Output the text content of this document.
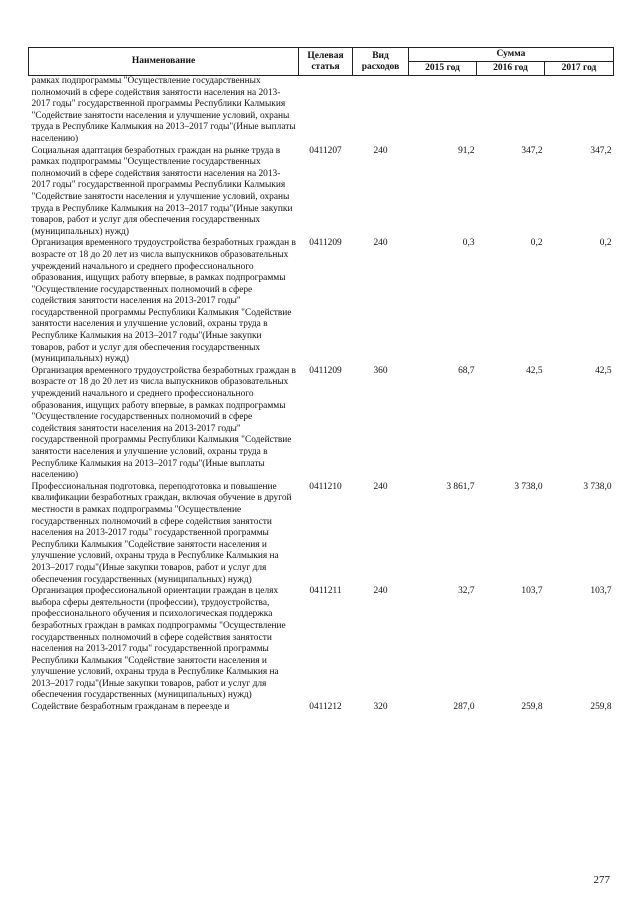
Наименование	Целевая статья	Вид расходов	Сумма		
			2015 год	2016 год	2017 год
рамках подпрограммы "Осуществление государственных полномочий в сфере содействия занятости населения на 2013-2017 годы" государственной программы Республики Калмыкия "Содействие занятости населения и улучшение условий, охраны труда в Республике Калмыкия на 2013–2017 годы"(Иные выплаты населению)					
Социальная адаптация безработных граждан на рынке труда в рамках подпрограммы "Осуществление государственных полномочий в сфере содействия занятости населения на 2013-2017 годы" государственной программы Республики Калмыкия "Содействие занятости населения и улучшение условий, охраны труда в Республике Калмыкия на 2013–2017 годы"(Иные закупки товаров, работ и услуг для обеспечения государственных (муниципальных) нужд)	0411207	240	91,2	347,2	347,2
Организация временного трудоустройства безработных граждан в возрасте от 18 до 20 лет из числа выпускников образовательных учреждений начального и среднего профессионального образования, ищущих работу впервые, в рамках подпрограммы "Осуществление государственных полномочий в сфере содействия занятости населения на 2013-2017 годы" государственной программы Республики Калмыкия "Содействие занятости населения и улучшение условий, охраны труда в Республике Калмыкия на 2013–2017 годы"(Иные закупки товаров, работ и услуг для обеспечения государственных (муниципальных) нужд)	0411209	240	0,3	0,2	0,2
Организация временного трудоустройства безработных граждан в возрасте от 18 до 20 лет из числа выпускников образовательных учреждений начального и среднего профессионального образования, ищущих работу впервые, в рамках подпрограммы "Осуществление государственных полномочий в сфере содействия занятости населения на 2013-2017 годы" государственной программы Республики Калмыкия "Содействие занятости населения и улучшение условий, охраны труда в Республике Калмыкия на 2013–2017 годы"(Иные выплаты населению)	0411209	360	68,7	42,5	42,5
Профессиональная подготовка, переподготовка и повышение квалификации безработных граждан, включая обучение в другой местности в рамках подпрограммы "Осуществление государственных полномочий в сфере содействия занятости населения на 2013-2017 годы" государственной программы Республики Калмыкия "Содействие занятости населения и улучшение условий, охраны труда в Республике Калмыкия на 2013–2017 годы"(Иные закупки товаров, работ и услуг для обеспечения государственных (муниципальных) нужд)	0411210	240	3 861,7	3 738,0	3 738,0
Организация профессиональной ориентации граждан в целях выбора сферы деятельности (профессии), трудоустройства, профессионального обучения и психологическая поддержка безработных граждан в рамках подпрограммы "Осуществление государственных полномочий в сфере содействия занятости населения на 2013-2017 годы" государственной программы Республики Калмыкия "Содействие занятости населения и улучшение условий, охраны труда в Республике Калмыкия на 2013–2017 годы"(Иные закупки товаров, работ и услуг для обеспечения государственных (муниципальных) нужд)	0411211	240	32,7	103,7	103,7
Содействие безработным гражданам в переезде и	0411212	320	287,0	259,8	259,8
277
